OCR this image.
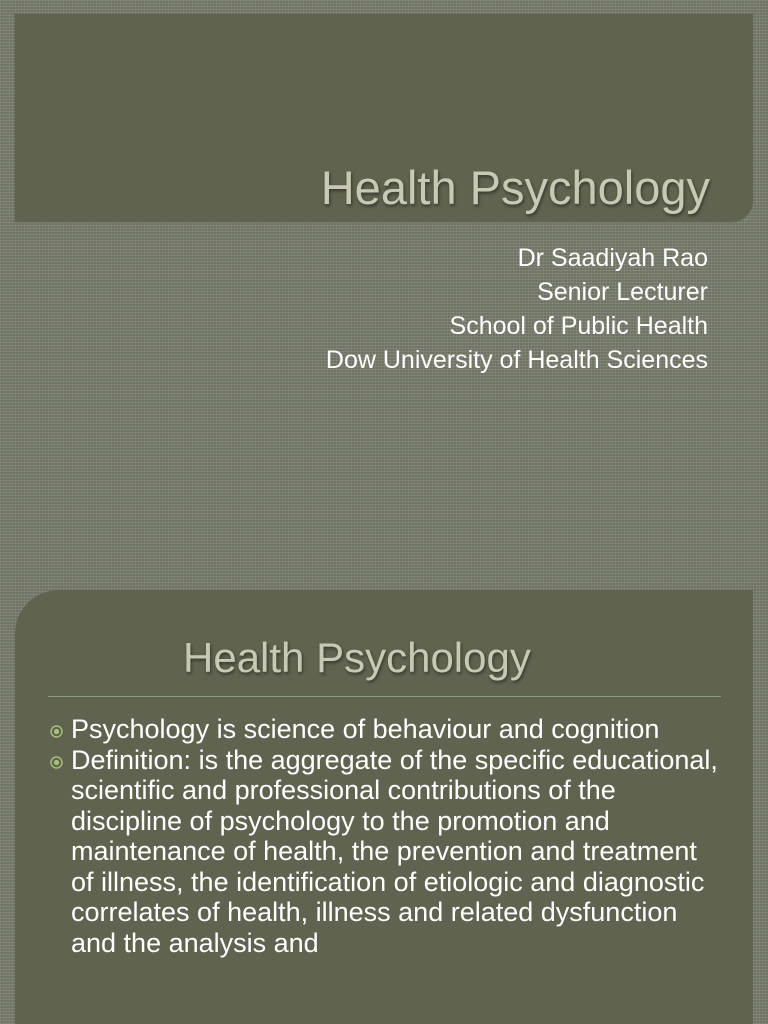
Health Psychology
Dr Saadiyah Rao
Senior Lecturer
School of Public Health
Dow University of Health Sciences
Health Psychology
Psychology is science of behaviour and cognition
Definition: is the aggregate of the specific educational, scientific and professional contributions of the discipline of psychology to the promotion and maintenance of health, the prevention and treatment of illness, the identification of etiologic and diagnostic correlates of health, illness and related dysfunction and the analysis and
